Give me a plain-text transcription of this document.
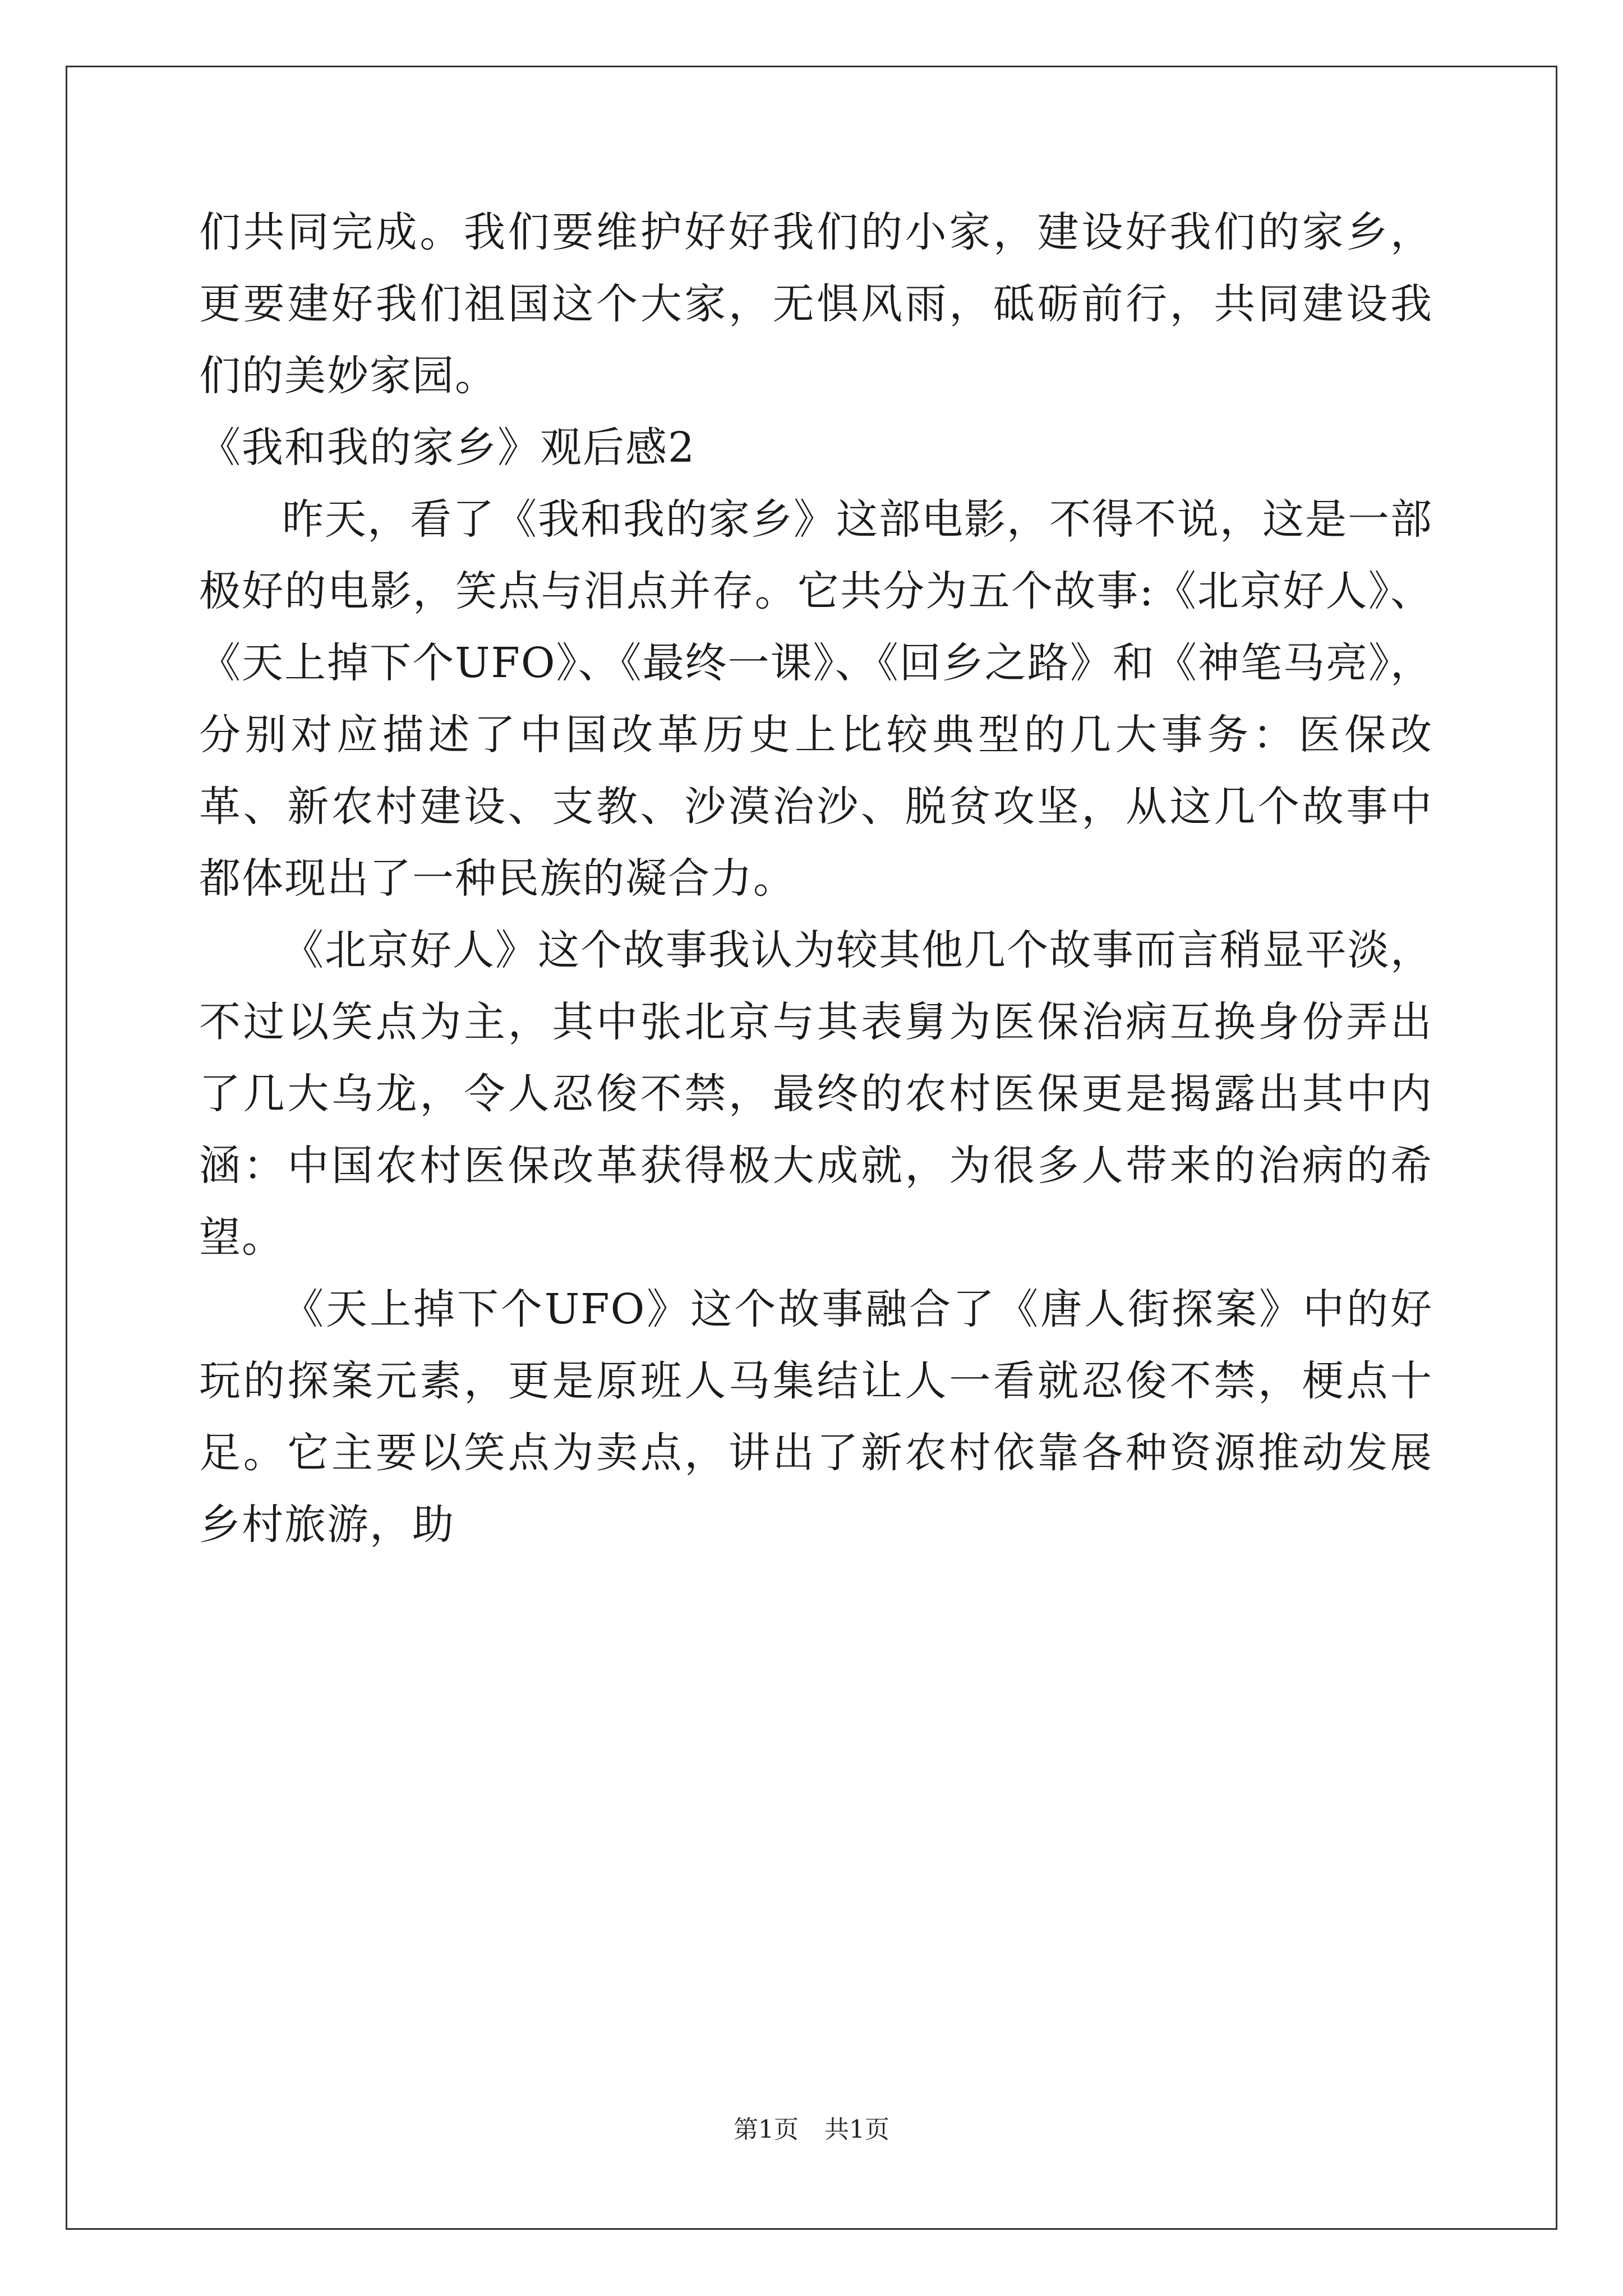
们共同完成。我们要维护好好我们的小家，建设好我们的家乡，更要建好我们祖国这个大家，无惧风雨，砥砺前行，共同建设我们的美妙家园。

《我和我的家乡》观后感2

昨天，看了《我和我的家乡》这部电影，不得不说，这是一部极好的电影，笑点与泪点并存。它共分为五个故事:《北京好人》、《天上掉下个UFO》、《最终一课》、《回乡之路》和《神笔马亮》，分别对应描述了中国改革历史上比较典型的几大事务：医保改革、新农村建设、支教、沙漠治沙、脱贫攻坚，从这几个故事中都体现出了一种民族的凝合力。

《北京好人》这个故事我认为较其他几个故事而言稍显平淡，不过以笑点为主，其中张北京与其表舅为医保治病互换身份弄出了几大乌龙，令人忍俊不禁，最终的农村医保更是揭露出其中内涵：中国农村医保改革获得极大成就，为很多人带来的治病的希望。

《天上掉下个UFO》这个故事融合了《唐人街探案》中的好玩的探案元素，更是原班人马集结让人一看就忍俊不禁，梗点十足。它主要以笑点为卖点，讲出了新农村依靠各种资源推动发展乡村旅游，助

第1页 共1页
